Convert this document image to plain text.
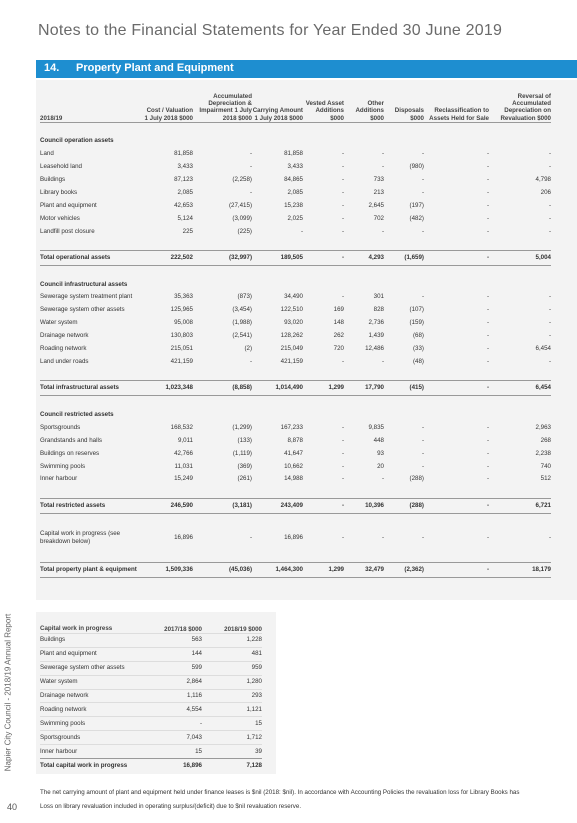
Notes to the Financial Statements for Year Ended 30 June 2019
14. Property Plant and Equipment
2018/19	Cost / Valuation 1 July 2018 $000	Accumulated Depreciation & Impairment 1 July 2018 $000	Carrying Amount 1 July 2018 $000	Vested Asset Additions $000	Other Additions $000	Disposals $000	Reclassification to Assets Held for Sale	Reversal of Accumulated Depreciation on Revaluation $000

Council operation assets								
Land	81,858	-	81,858	-	-	-	-	-
Leasehold land	3,433	-	3,433	-	-	(980)	-	-
Buildings	87,123	(2,258)	84,865	-	733	-	-	4,798
Library books	2,085	-	2,085	-	213	-	-	206
Plant and equipment	42,653	(27,415)	15,238	-	2,645	(197)	-	-
Motor vehicles	5,124	(3,099)	2,025	-	702	(482)	-	-
Landfill post closure	225	(225)	-	-	-	-	-	-

Total operational assets	222,502	(32,997)	189,505	-	4,293	(1,659)	-	5,004

Council infrastructural assets								
Sewerage system treatment plant	35,363	(873)	34,490	-	301	-	-	-
Sewerage system other assets	125,965	(3,454)	122,510	169	828	(107)	-	-
Water system	95,008	(1,988)	93,020	148	2,736	(159)	-	-
Drainage network	130,803	(2,541)	128,262	262	1,439	(68)	-	-
Roading network	215,051	(2)	215,049	720	12,486	(33)	-	6,454
Land under roads	421,159	-	421,159	-	-	(48)	-	-

Total infrastructural assets	1,023,348	(8,858)	1,014,490	1,299	17,790	(415)	-	6,454

Council restricted assets								
Sportsgrounds	168,532	(1,299)	167,233	-	9,835	-	-	2,963
Grandstands and halls	9,011	(133)	8,878	-	448	-	-	268
Buildings on reserves	42,766	(1,119)	41,647	-	93	-	-	2,238
Swimming pools	11,031	(369)	10,662	-	20	-	-	740
Inner harbour	15,249	(261)	14,988	-	-	(288)	-	512

Total restricted assets	246,590	(3,181)	243,409	-	10,396	(288)	-	6,721

Capital work in progress (see breakdown below)	16,896	-	16,896	-	-	-	-	-

Total property plant & equipment	1,509,336	(45,036)	1,464,300	1,299	32,479	(2,362)	-	18,179

Capital work in progress	2017/18 $000	2018/19 $000
Buildings	563	1,228
Plant and equipment	144	481
Sewerage system other assets	599	959
Water system	2,864	1,280
Drainage network	1,116	293
Roading network	4,554	1,121
Swimming pools	-	15
Sportsgrounds	7,043	1,712
Inner harbour	15	39
Total capital work in progress	16,896	7,128
The net carrying amount of plant and equipment held under finance leases is $nil (2018: $nil). In accordance with Accounting Policies the revaluation loss for Library Books has
Loss on library revaluation included in operating surplus/(deficit) due to $nil revaluation reserve.
Napier City Council - 2018/19 Annual Report
40
